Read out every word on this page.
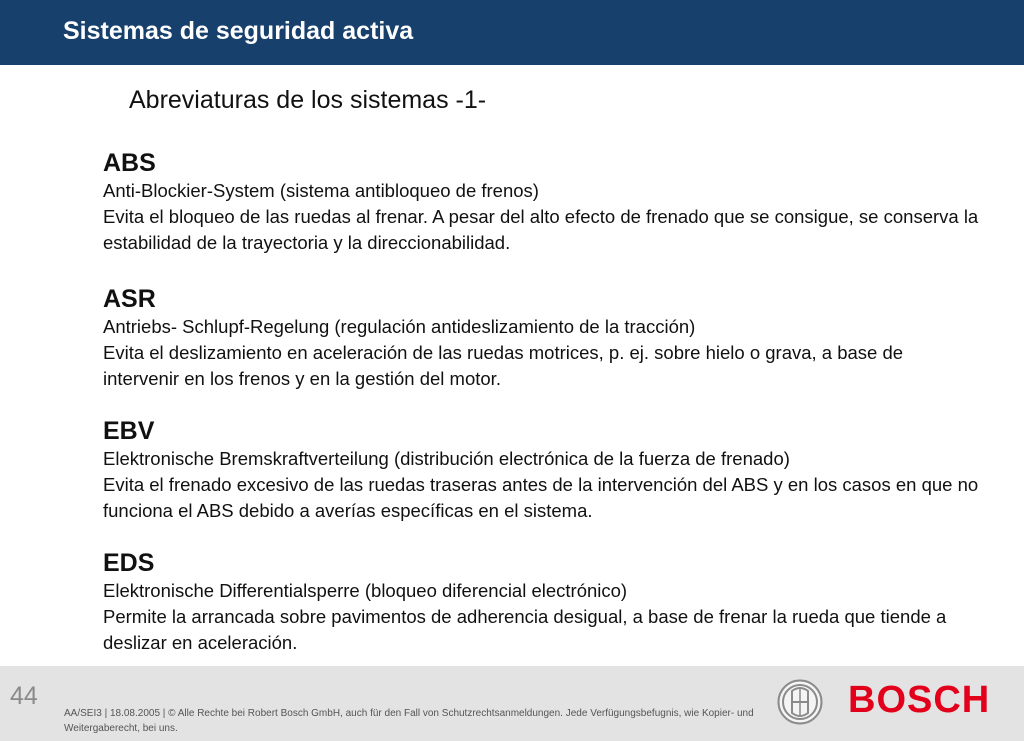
Sistemas de seguridad activa
Abreviaturas de los sistemas -1-

ABS

Anti-Blockier-System (sistema antibloqueo de frenos)

Evita el bloqueo de las ruedas al frenar. A pesar del alto efecto de frenado que se consigue, se conserva la estabilidad de la trayectoria y la direccionabilidad.

ASR

Antriebs- Schlupf-Regelung (regulación antideslizamiento de la tracción)

Evita el deslizamiento en aceleración de las ruedas motrices, p. ej. sobre hielo o grava, a base de intervenir en los frenos y en la gestión del motor.

EBV

Elektronische Bremskraftverteilung (distribución electrónica de la fuerza de frenado)

Evita el frenado excesivo de las ruedas traseras antes de la intervención del ABS y en los casos en que no funciona el ABS debido a averías específicas en el sistema.

EDS

Elektronische Differentialsperre (bloqueo diferencial electrónico)

Permite la arrancada sobre pavimentos de adherencia desigual, a base de frenar la rueda que tiende a deslizar en aceleración.

44
AA/SEI3 | 18.08.2005 | © Alle Rechte bei Robert Bosch GmbH, auch für den Fall von Schutzrechtsanmeldungen. Jede Verfügungsbefugnis, wie Kopier- und Weitergaberecht, bei uns.
BOSCH
